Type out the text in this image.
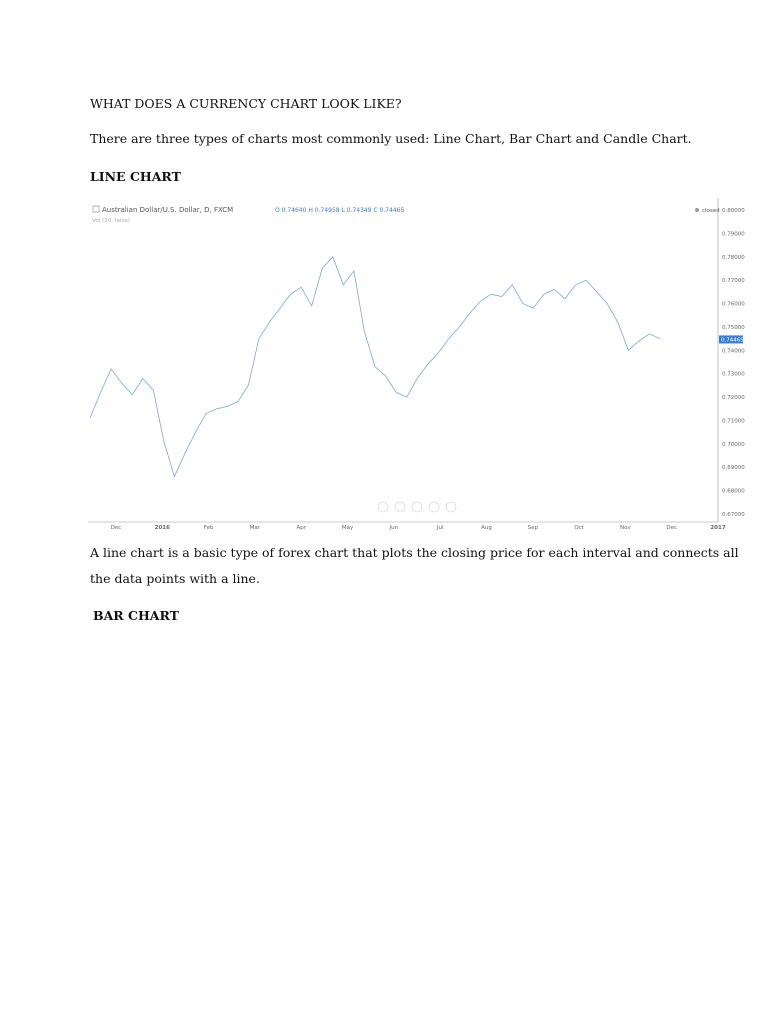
WHAT DOES A CURRENCY CHART LOOK LIKE?
There are three types of charts most commonly used: Line Chart, Bar Chart and Candle Chart.
LINE CHART
Australian Dollar/U.S. Dollar, D, FXCM	O 0.74640 H 0.74958 L 0.74349 C 0.74465
Vol (20, false)
closed 0.80000
0.79000
0.78000
0.77000
0.76000
0.75000
0.74000
0.73000
0.72000
0.71000
0.70000
0.69000
0.68000
0.67000
Dec	2016	Feb	Mar	Apr	May	Jun	Jul	Aug	Sep	Oct	Nov	Dec	2017
0.74465
A line chart is a basic type of forex chart that plots the closing price for each interval and connects all
the data points with a line.
BAR CHART
